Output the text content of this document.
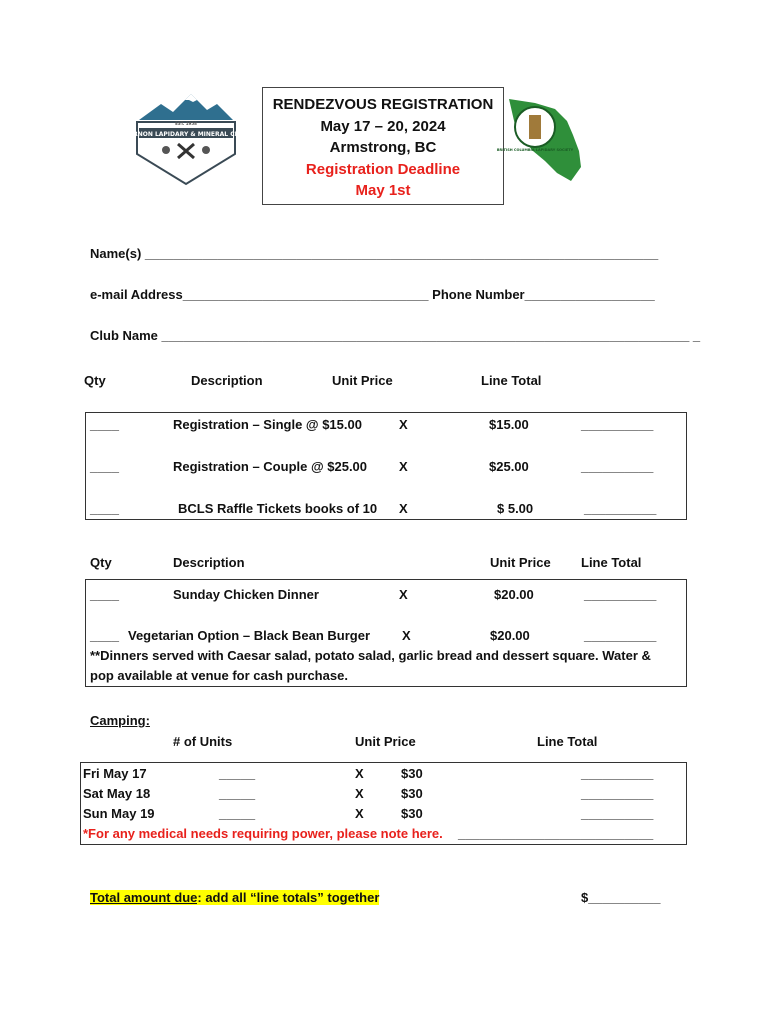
VERNON LAPIDARY & MINERAL CLUB
EST. 1958
RENDEZVOUS REGISTRATION
May 17 – 20, 2024
Armstrong, BC
Registration Deadline
May 1st
BRITISH COLUMBIA LAPIDARY SOCIETY
Name(s) _______________________________________________________________________
e-mail Address__________________________________ Phone Number__________________
Club Name _________________________________________________________________________ _
Qty	Description	Unit Price	Line Total
____	Registration – Single @ $15.00	X	$15.00	__________
____	Registration – Couple @ $25.00 X	$25.00	__________
____	BCLS Raffle Tickets books of 10 X	$ 5.00	__________
Qty	Description	Unit Price Line Total
____	Sunday Chicken Dinner	X	$20.00	__________
____ Vegetarian Option – Black Bean Burger X	$20.00	__________
**Dinners served with Caesar salad, potato salad, garlic bread and dessert square. Water &
pop available at venue for cash purchase.
Camping:
# of Units	Unit Price	Line Total
Fri May 17	_____	X	$30	__________
Sat May 18	_____	X	$30	__________
Sun May 19	_____	X	$30	__________
*For any medical needs requiring power, please note here. ___________________________
Total amount due: add all “line totals” together	$__________
